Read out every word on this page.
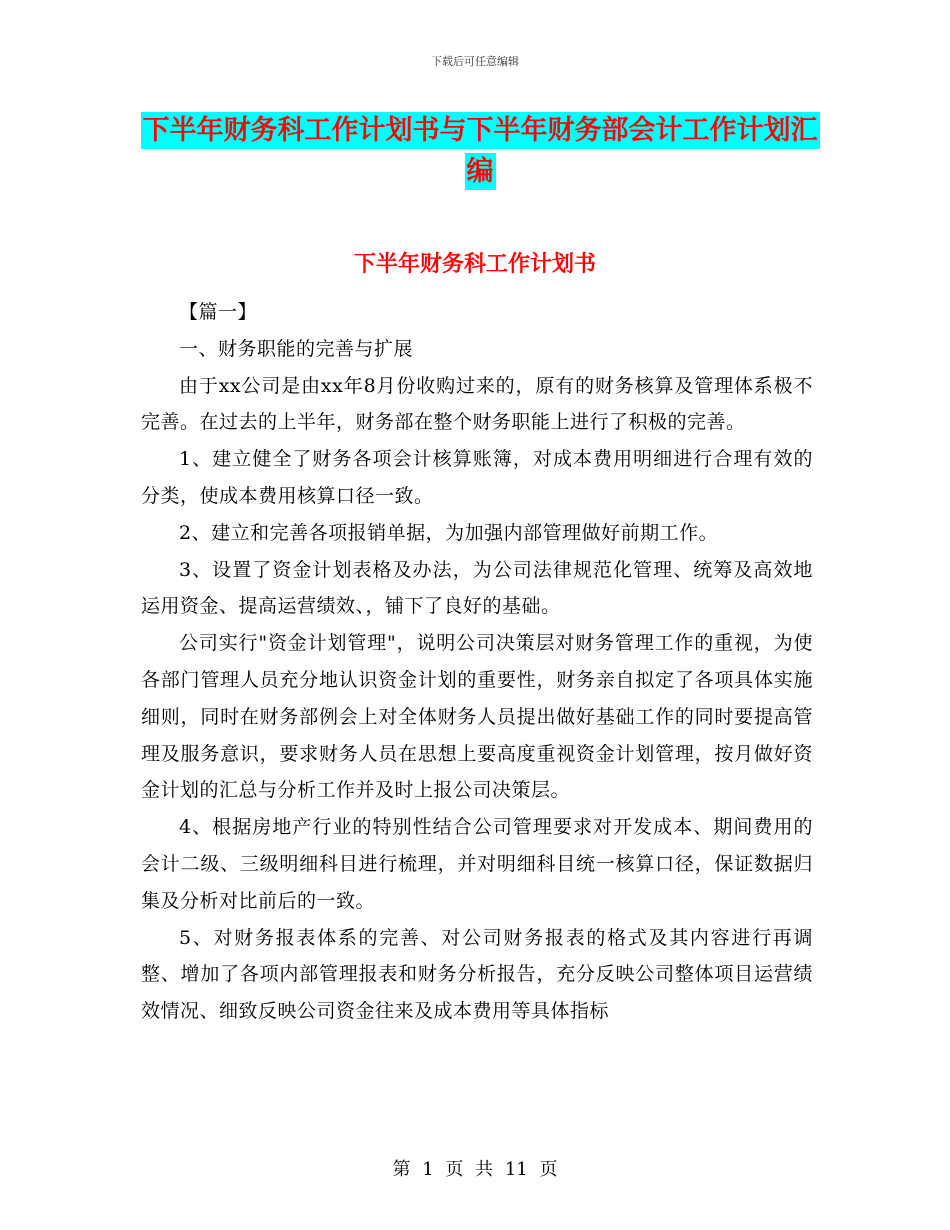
下载后可任意编辑
下半年财务科工作计划书与下半年财务部会计工作计划汇编
下半年财务科工作计划书

【篇一】

一、财务职能的完善与扩展

由于xx公司是由xx年8月份收购过来的，原有的财务核算及管理体系极不完善。在过去的上半年，财务部在整个财务职能上进行了积极的完善。

1、建立健全了财务各项会计核算账簿，对成本费用明细进行合理有效的分类，使成本费用核算口径一致。

2、建立和完善各项报销单据，为加强内部管理做好前期工作。

3、设置了资金计划表格及办法，为公司法律规范化管理、统筹及高效地运用资金、提高运营绩效、，铺下了良好的基础。

公司实行"资金计划管理"，说明公司决策层对财务管理工作的重视，为使各部门管理人员充分地认识资金计划的重要性，财务亲自拟定了各项具体实施细则，同时在财务部例会上对全体财务人员提出做好基础工作的同时要提高管理及服务意识，要求财务人员在思想上要高度重视资金计划管理，按月做好资金计划的汇总与分析工作并及时上报公司决策层。

4、根据房地产行业的特别性结合公司管理要求对开发成本、期间费用的会计二级、三级明细科目进行梳理，并对明细科目统一核算口径，保证数据归集及分析对比前后的一致。

5、对财务报表体系的完善、对公司财务报表的格式及其内容进行再调整、增加了各项内部管理报表和财务分析报告，充分反映公司整体项目运营绩效情况、细致反映公司资金往来及成本费用等具体指标

第 1 页 共 11 页
